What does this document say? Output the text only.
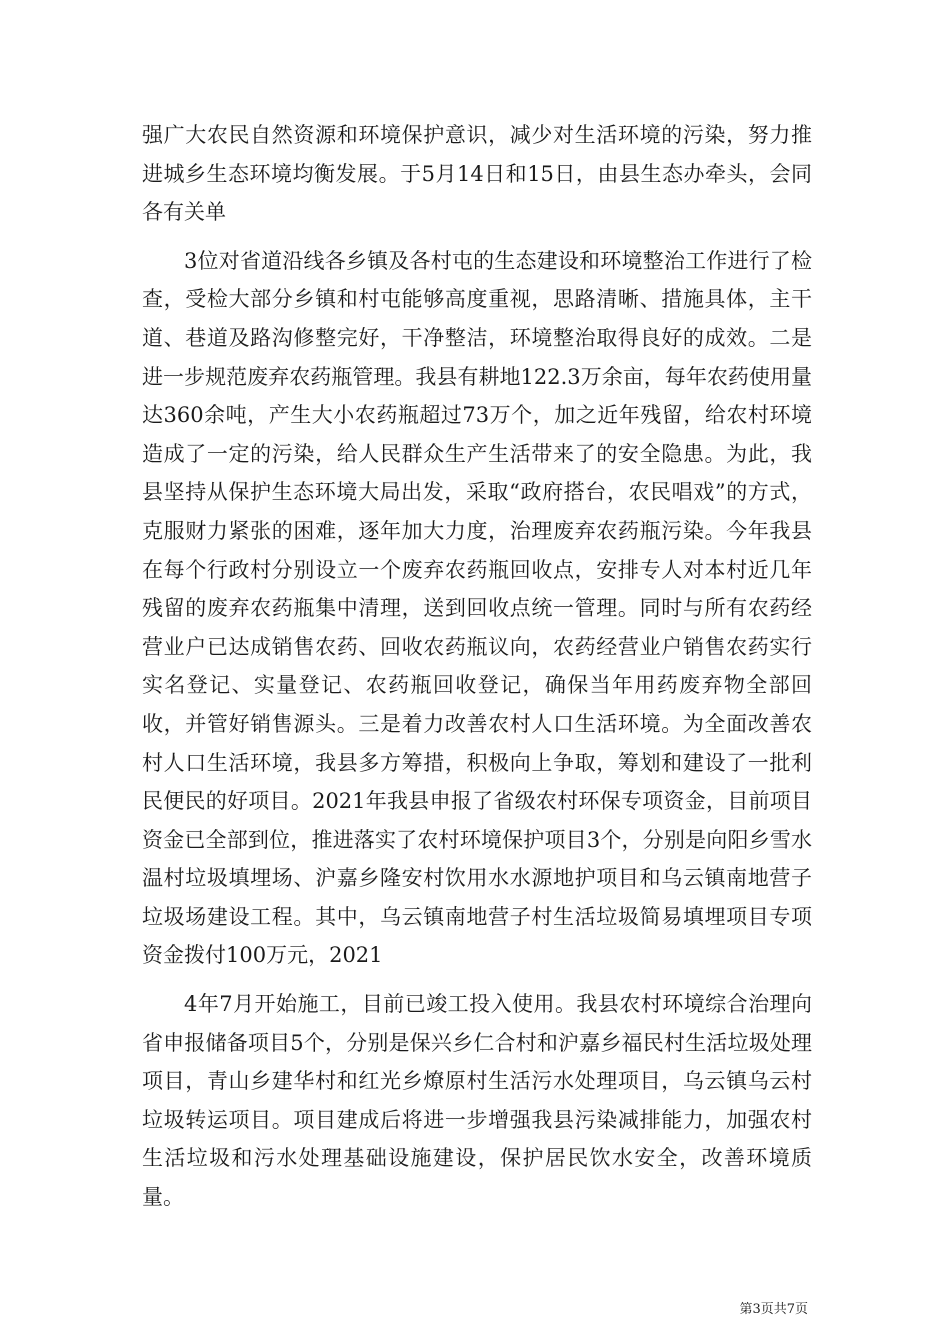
强广大农民自然资源和环境保护意识，减少对生活环境的污染，努力推进城乡生态环境均衡发展。于5月14日和15日，由县生态办牵头，会同各有关单

3位对省道沿线各乡镇及各村屯的生态建设和环境整治工作进行了检查，受检大部分乡镇和村屯能够高度重视，思路清晰、措施具体，主干道、巷道及路沟修整完好，干净整洁，环境整治取得良好的成效。二是进一步规范废弃农药瓶管理。我县有耕地122.3万余亩，每年农药使用量达360余吨，产生大小农药瓶超过73万个，加之近年残留，给农村环境造成了一定的污染，给人民群众生产生活带来了的安全隐患。为此，我县坚持从保护生态环境大局出发，采取“政府搭台，农民唱戏”的方式，克服财力紧张的困难，逐年加大力度，治理废弃农药瓶污染。今年我县在每个行政村分别设立一个废弃农药瓶回收点，安排专人对本村近几年残留的废弃农药瓶集中清理，送到回收点统一管理。同时与所有农药经营业户已达成销售农药、回收农药瓶议向，农药经营业户销售农药实行实名登记、实量登记、农药瓶回收登记，确保当年用药废弃物全部回收，并管好销售源头。三是着力改善农村人口生活环境。为全面改善农村人口生活环境，我县多方筹措，积极向上争取，筹划和建设了一批利民便民的好项目。2021年我县申报了省级农村环保专项资金，目前项目资金已全部到位，推进落实了农村环境保护项目3个，分别是向阳乡雪水温村垃圾填埋场、沪嘉乡隆安村饮用水水源地护项目和乌云镇南地营子垃圾场建设工程。其中，乌云镇南地营子村生活垃圾简易填埋项目专项资金拨付100万元，2021

4年7月开始施工，目前已竣工投入使用。我县农村环境综合治理向省申报储备项目5个，分别是保兴乡仁合村和沪嘉乡福民村生活垃圾处理项目，青山乡建华村和红光乡燎原村生活污水处理项目，乌云镇乌云村垃圾转运项目。项目建成后将进一步增强我县污染减排能力，加强农村生活垃圾和污水处理基础设施建设，保护居民饮水安全，改善环境质量。

第3页共7页
